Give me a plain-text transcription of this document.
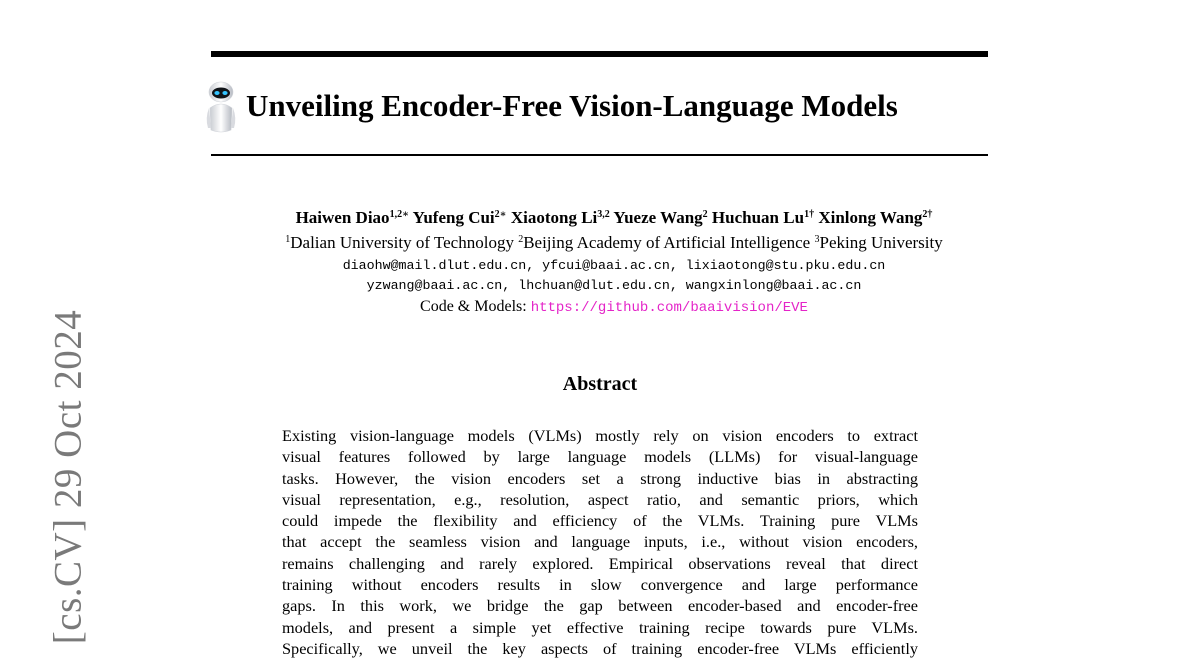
Unveiling Encoder-Free Vision-Language Models
Haiwen Diao$^{1,2∗}$ Yufeng Cui$^{2∗}$ Xiaotong Li$^{3,2}$ Yueze Wang$^2$ Huchuan $Lu^{1\dagger}$ Xinlong Wang$^{2\dagger}$
$^1$Dalian University of Technology $^2$Beijing Academy of Artificial Intelligence $^3$Peking University
diaohw@mail.dlut.edu.cn, yfcui@baai.ac.cn, lixiaotong@stu.pku.edu.cn
yzwang@baai.ac.cn, lhchuan@dlut.edu.cn, wangxinlong@baai.ac.cn
Code & Models: https://github.com/baaivision/EVE
Abstract
Existing vision-language models (VLMs) mostly rely on vision encoders to extract
visual features followed by large language models (LLMs) for visual-language
tasks. However, the vision encoders set a strong inductive bias in abstracting
visual representation, e.g., resolution, aspect ratio, and semantic priors, which
could impede the flexibility and efficiency of the VLMs. Training pure VLMs
that accept the seamless vision and language inputs, i.e., without vision encoders,
remains challenging and rarely explored. Empirical observations reveal that direct
training without encoders results in slow convergence and large performance
gaps. In this work, we bridge the gap between encoder-based and encoder-free
models, and present a simple yet effective training recipe towards pure VLMs.
Specifically, we unveil the key aspects of training encoder-free VLMs efficiently
[cs.CV] 29 Oct 2024
